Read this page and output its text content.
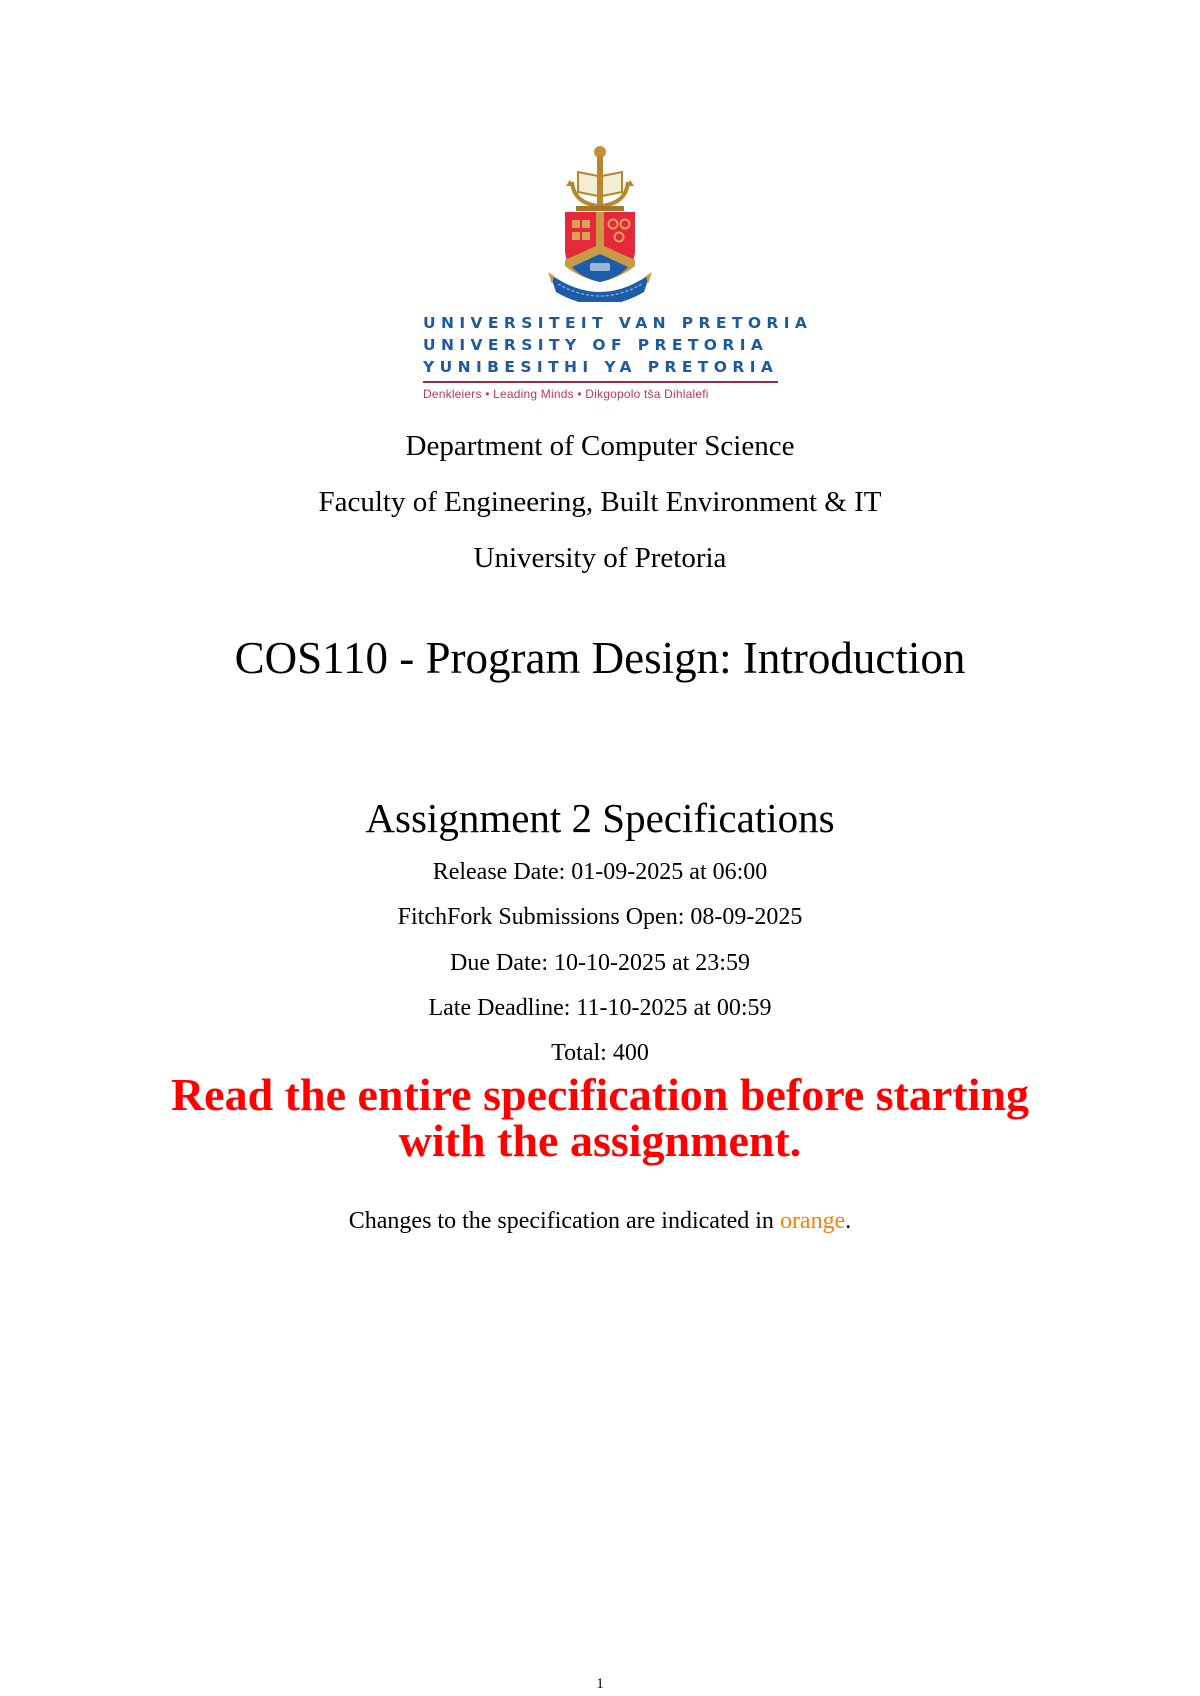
UNIVERSITEIT VAN PRETORIA
UNIVERSITY OF PRETORIA
YUNIBESITHI YA PRETORIA
Denkleiers • Leading Minds • Dikgopolo tša Dihlalefi
Department of Computer Science
Faculty of Engineering, Built Environment & IT
University of Pretoria
COS110 - Program Design: Introduction
Assignment 2 Specifications
Release Date: 01-09-2025 at 06:00
FitchFork Submissions Open: 08-09-2025
Due Date: 10-10-2025 at 23:59
Late Deadline: 11-10-2025 at 00:59
Total: 400
Read the entire specification before starting
with the assignment.
Changes to the specification are indicated in orange.
1
